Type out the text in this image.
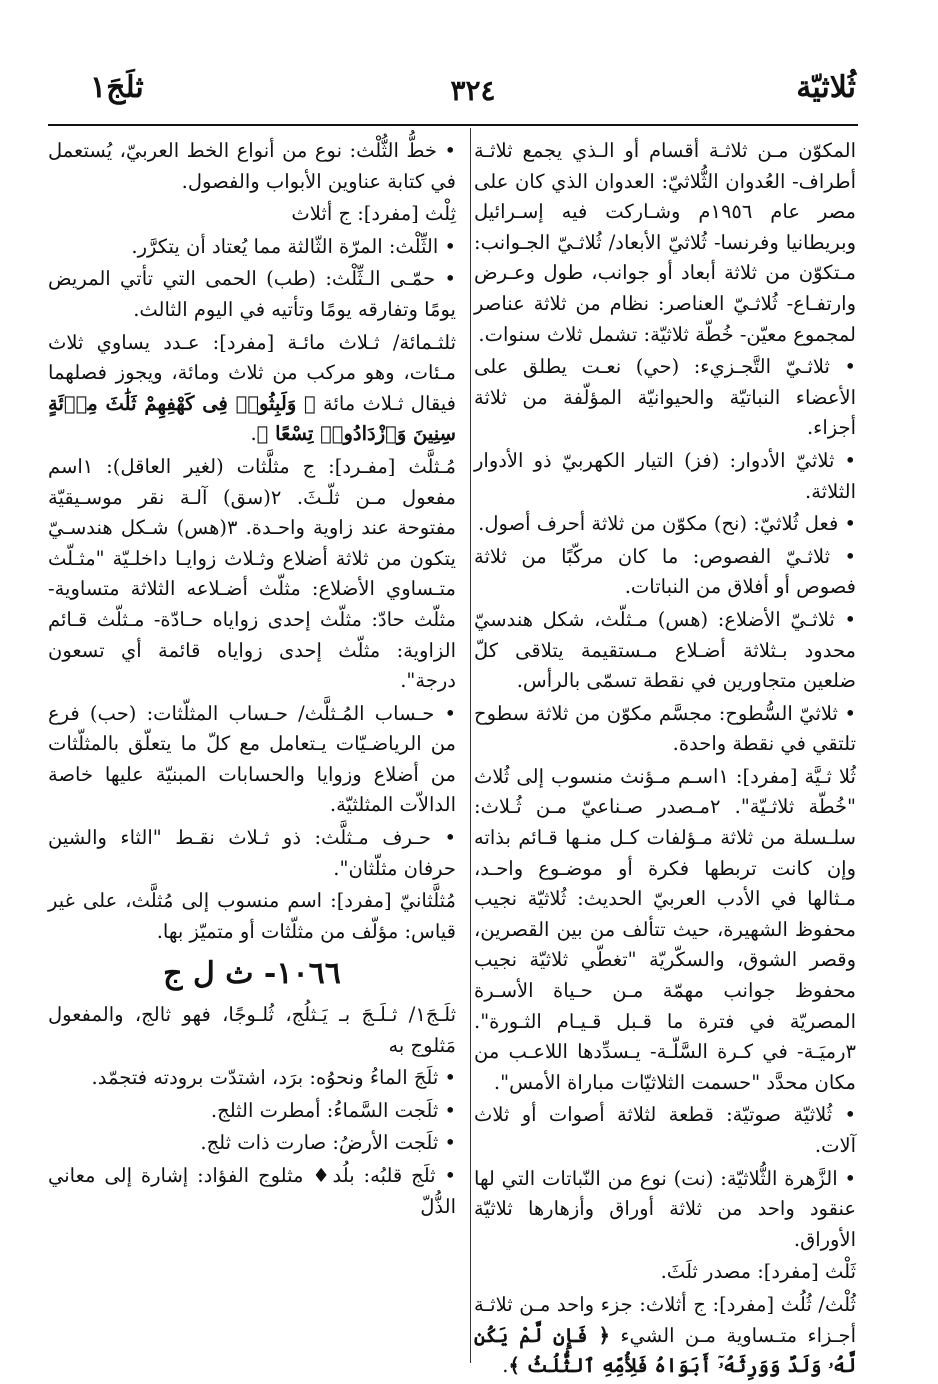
ثُلاثيّة
٣٢٤
ثلَجَ١

المكوّن مـن ثلاثـة أقسام أو الـذي يجمع ثلاثـة أطراف- العُدوان الثُّلاثيّ: العدوان الذي كان على مصر عام ١٩٥٦م وشـاركت فيه إسـرائيل وبريطانيا وفرنسا- ثُلاثيّ الأبعاد/ ثُلاثـيّ الجـوانب: مـتكوّن من ثلاثة أبعاد أو جوانب، طول وعـرض وارتفـاع- ثُلاثـيّ العناصر: نظام من ثلاثة عناصر لمجموع معيّن- خُطّة ثلاثيّة: تشمل ثلاث سنوات.

• ثلاثـيّ التَّجـزيء: (حي) نعـت يطلق على الأعضاء النباتيّة والحيوانيّة المؤلّفة من ثلاثة أجزاء.

• ثلاثيّ الأدوار: (فز) التيار الكهربيّ ذو الأدوار الثلاثة.

• فعل ثُلاثيّ: (نح) مكوّن من ثلاثة أحرف أصول.

• ثلاثـيّ الفصوص: ما كان مركّبًا من ثلاثة فصوص أو أفلاق من النباتات.

• ثلاثـيّ الأضلاع: (هس) مـثلّث، شكل هندسيّ محدود بـثلاثة أضـلاع مـستقيمة يتلاقى كلّ ضلعين متجاورين في نقطة تسمّى بالرأس.

• ثلاثيّ السُّطوح: مجسَّم مكوّن من ثلاثة سطوح تلتقي في نقطة واحدة.

ثُلا ثـيَّة [مفرد]: ١اسـم مـؤنث منسوب إلى ثُلاث "خُطّة ثلاثـيّة". ٢مـصدر صـناعيّ مـن ثُـلاث: سلـسلة من ثلاثة مـؤلفات كـل منـها قـائم بذاته وإن كانت تربطها فكرة أو موضـوع واحـد، مـثالها في الأدب العربيّ الحديث: ثُلاثيّة نجيب محفوظ الشهيرة، حيث تتألف من بين القصرين، وقصر الشوق، والسكّريّة "تغطّي ثلاثيّة نجيب محفوظ جوانب مهمّة مـن حـياة الأسـرة المصريّة في فترة ما قـبل قـيـام الثـورة". ٣رميَـة- في كـرة السَّلّـة- يـسدِّدها اللاعـب من مكان محدَّد "حسمت الثلاثيّات مباراة الأمس".

• ثُلاثيّة صوتيّة: قطعة لثلاثة أصوات أو ثلاث آلات.

• الزَّهرة الثُّلاثيّة: (نت) نوع من النّباتات التي لها عنقود واحد من ثلاثة أوراق وأزهارها ثلاثيّة الأوراق.

ثَلْث [مفرد]: مصدر ثلَثَ.

ثُلْث/ ثُلُث [مفرد]: ج أثلاث: جزء واحد مـن ثلاثـة أجـزاء متـساوية مـن الشيء ﴿ فَإِن لَّمْ يَكُن لَّهُۥ وَلَدٌ وَوَرِثَهُۥٓ أَبَوَاهُ فَلِأُمِّهِ ٱلثُّلُثُ ﴾.

• خطُّ الثُّلْث: نوع من أنواع الخط العربيّ، يُستعمل في كتابة عناوين الأبواب والفصول.

ثِلْث [مفرد]: ج أثلاث

• الثِّلْث: المرّة الثّالثة مما يُعتاد أن يتكرَّر.

• حمّـى الـثِّلْث: (طب) الحمى التي تأتي المريض يومًا وتفارقه يومًا وتأتيه في اليوم الثالث.

ثلثـمائة/ ثـلاث مائـة [مفرد]: عـدد يساوي ثلاث مـئات، وهو مركب من ثلاث ومائة، ويجوز فصلهما فيقال ثـلاث مائة ﴿ وَلَبِثُوا۟ فِى كَهْفِهِمْ ثَلَٰثَ مِا۟ئَةٍ سِنِينَ وَٱزْدَادُوا۟ تِسْعًا ﴾.

مُـثلَّث [مفـرد]: ج مثلَّثات (لغير العاقل): ١اسم مفعول مـن ثلّـثَ. ٢(سق) آلـة نقر موسـيقيّة مفتوحة عند زاوية واحـدة. ٣(هس) شـكل هندسـيّ يتكون من ثلاثة أضلاع وثـلاث زوايـا داخلـيّة "مثـلّث متـساوي الأضلاع: مثلّث أضـلاعه الثلاثة متساوية- مثلّث حادّ: مثلّث إحدى زواياه حـادّة- مـثلّث قـائم الزاوية: مثلّث إحدى زواياه قائمة أي تسعون درجة".

• حـساب المُـثلَّث/ حـساب المثلّثات: (حب) فرع من الرياضـيّات يـتعامل مع كلّ ما يتعلّق بالمثلّثات من أضلاع وزوايا والحسابات المبنيّة عليها خاصة الدالاّت المثلثيّة.

• حـرف مـثلَّث: ذو ثـلاث نقـط "الثاء والشين حرفان مثلّثان".

مُثلَّثانيّ [مفرد]: اسم منسوب إلى مُثلَّث، على غير قياس: مؤلّف من مثلّثات أو متميّز بها.

١٠٦٦- ث ل ج

ثلَـجَ١/ ثـلَـجَ بـ يَـثلُج، ثُلـوجًا، فهو ثالج، والمفعول مَثلوج به

• ثلَجَ الماءُ ونحوُه: برَد، اشتدّت برودته فتجمّد.

• ثلَجت السَّماءُ: أمطرت الثلج.

• ثلَجت الأرضُ: صارت ذات ثلج.

• ثلَج قلبُه: بلُد♦ مثلوج الفؤاد: إشارة إلى معاني الذُّلّ
